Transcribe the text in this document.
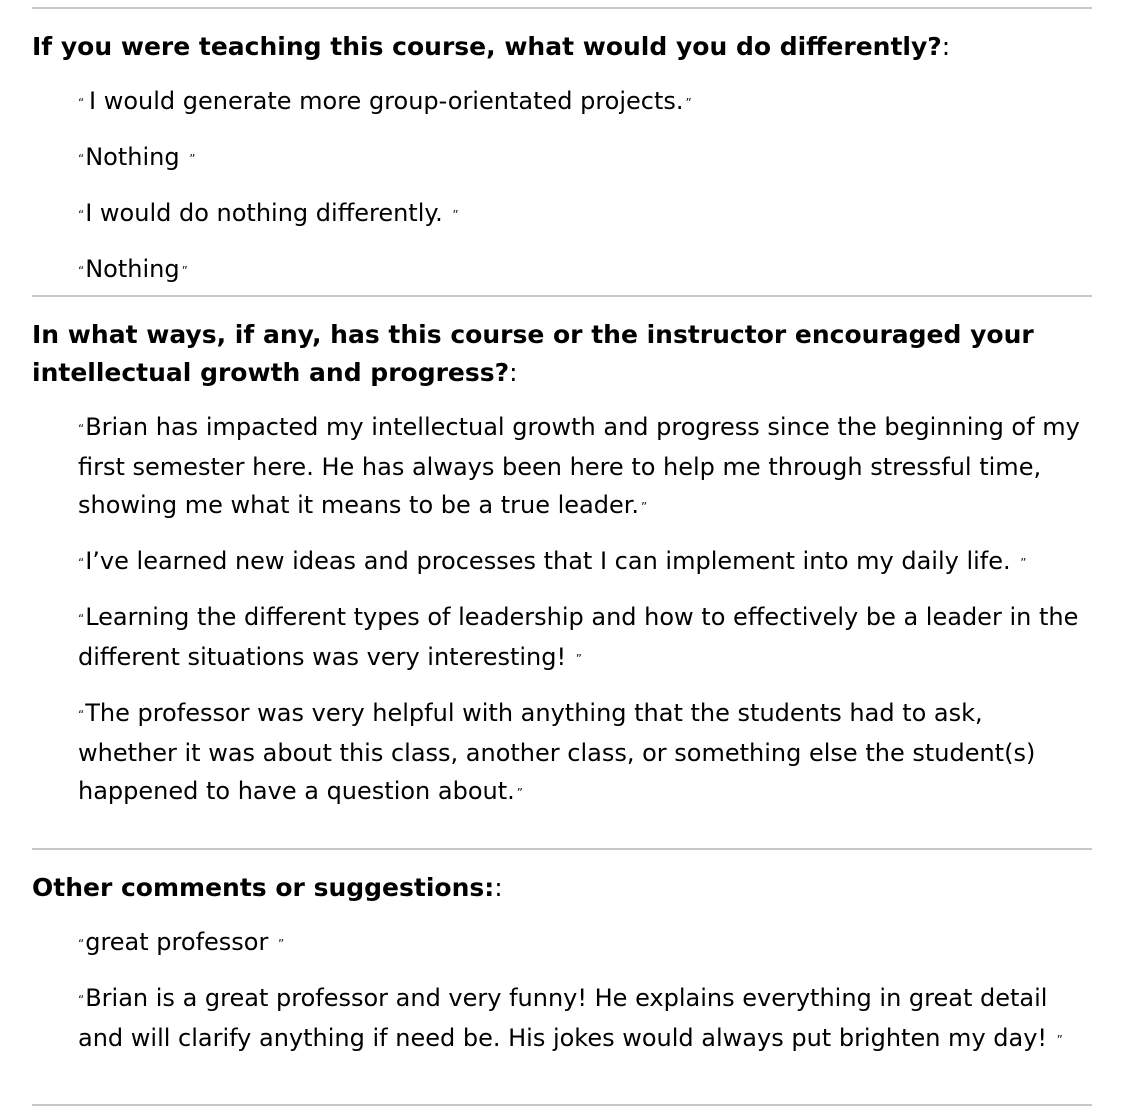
If you were teaching this course, what would you do differently?:
“ I would generate more group-orientated projects. ”
“Nothing ”
“I would do nothing differently. ”
“Nothing ”
In what ways, if any, has this course or the instructor encouraged your intellectual growth and progress?:
“Brian has impacted my intellectual growth and progress since the beginning of my first semester here. He has always been here to help me through stressful time, showing me what it means to be a true leader. ”
“I’ve learned new ideas and processes that I can implement into my daily life. ”
“Learning the different types of leadership and how to effectively be a leader in the different situations was very interesting! ”
“The professor was very helpful with anything that the students had to ask, whether it was about this class, another class, or something else the student(s) happened to have a question about. ”
Other comments or suggestions::
“great professor ”
“Brian is a great professor and very funny! He explains everything in great detail and will clarify anything if need be. His jokes would always put brighten my day! ”
